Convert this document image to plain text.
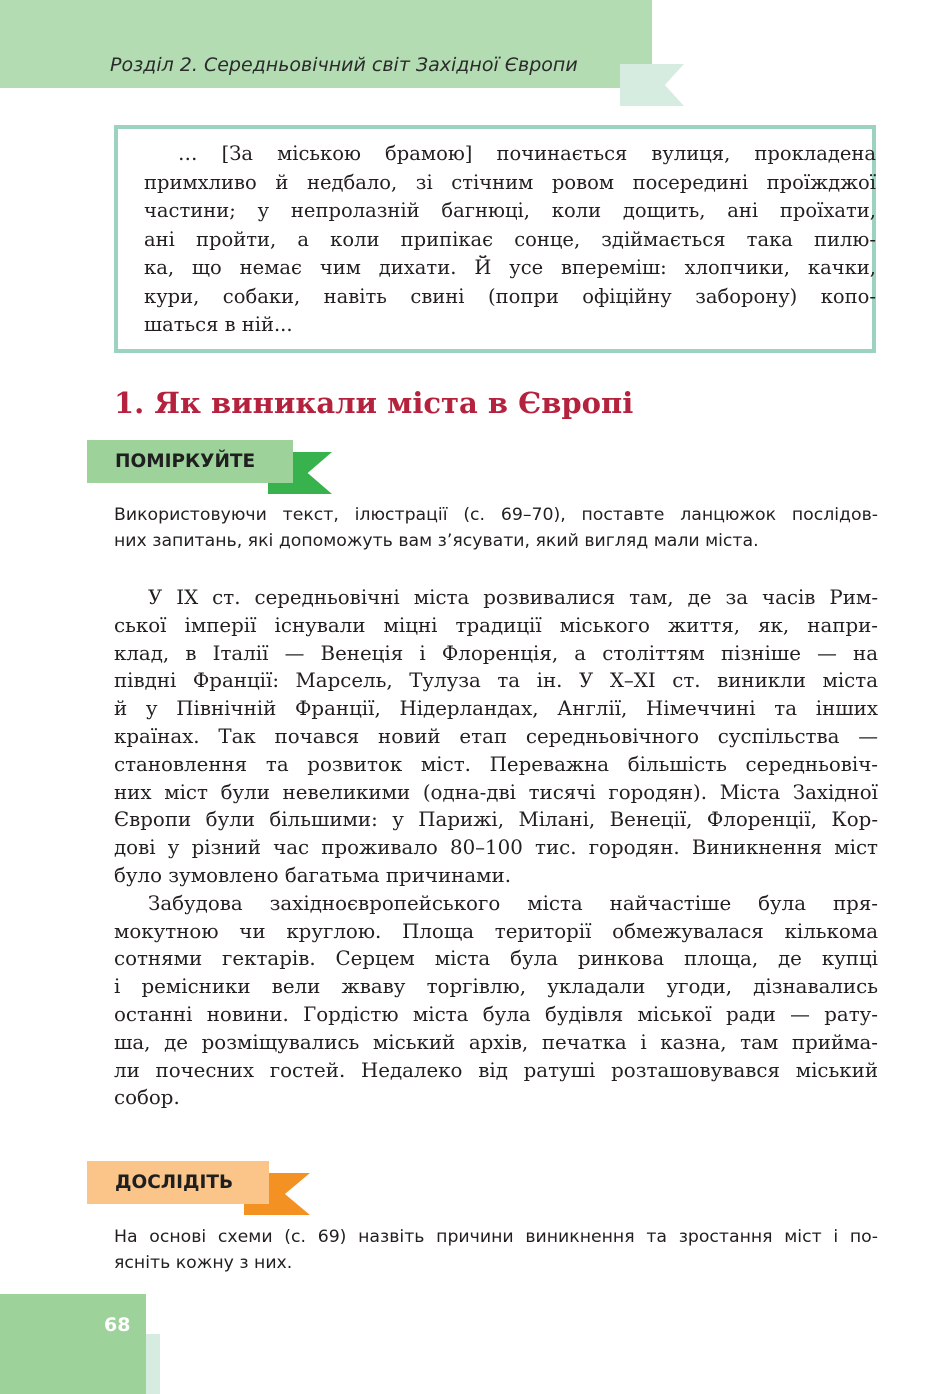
Розділ 2. Середньовічний світ Західної Європи
… [За міською брамою] починається вулиця, прокладена
примхливо й недбало, зі стічним ровом посередині проїжджої
частини; у непролазній багнюці, коли дощить, ані проїхати,
ані пройти, а коли припікає сонце, здіймається така пилю-
ка, що немає чим дихати. Й усе впереміш: хлопчики, качки,
кури, собаки, навіть свині (попри офіційну заборону) копо-
шаться в ній...
1. Як виникали міста в Європі
ПОМІРКУЙТЕ
Використовуючи текст, ілюстрації (с. 69–70), поставте ланцюжок послідов-
них запитань, які допоможуть вам з’ясувати, який вигляд мали міста.
У IX ст. середньовічні міста розвивалися там, де за часів Рим-
ської імперії існували міцні традиції міського життя, як, напри-
клад, в Італії — Венеція і Флоренція, а століттям пізніше — на
півдні Франції: Марсель, Тулуза та ін. У X–XI ст. виникли міста
й у Північній Франції, Нідерландах, Англії, Німеччині та інших
країнах. Так почався новий етап середньовічного суспільства —
становлення та розвиток міст. Переважна більшість середньовіч-
них міст були невеликими (одна-дві тисячі городян). Міста Західної
Європи були більшими: у Парижі, Мілані, Венеції, Флоренції, Кор-
дові у різний час проживало 80–100 тис. городян. Виникнення міст
було зумовлено багатьма причинами.
Забудова західноєвропейського міста найчастіше була пря-
мокутною чи круглою. Площа території обмежувалася кількома
сотнями гектарів. Серцем міста була ринкова площа, де купці
і ремісники вели жваву торгівлю, укладали угоди, дізнавались
останні новини. Гордістю міста була будівля міської ради — рату-
ша, де розміщувались міський архів, печатка і казна, там прийма-
ли почесних гостей. Недалеко від ратуші розташовувався міський
собор.
ДОСЛІДІТЬ
На основі схеми (с. 69) назвіть причини виникнення та зростання міст і по-
ясніть кожну з них.
68
